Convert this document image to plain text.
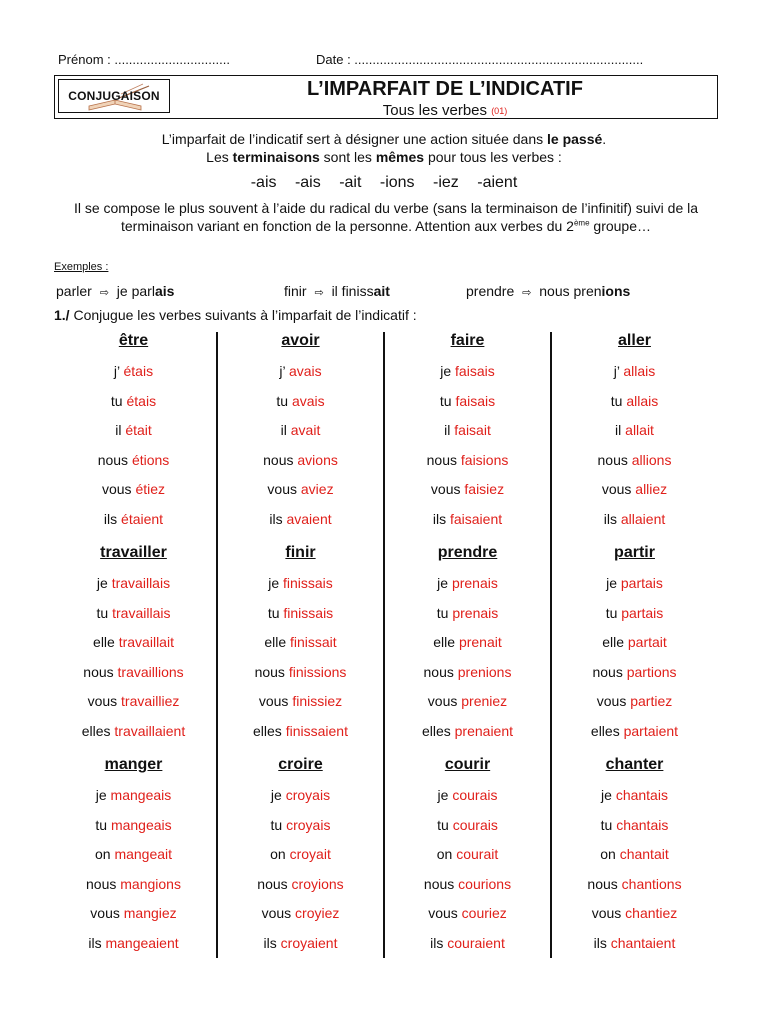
Prénom : ................................	Date : ................................................................................
CONJUGAISON	L’IMPARFAIT DE L’INDICATIF
Tous les verbes (01)
L’imparfait de l’indicatif sert à désigner une action située dans le passé.
Les terminaisons sont les mêmes pour tous les verbes :
-ais -ais -ait -ions -iez -aient
Il se compose le plus souvent à l’aide du radical du verbe (sans la terminaison de l’infinitif) suivi de la terminaison variant en fonction de la personne. Attention aux verbes du 2ème groupe…
Exemples :
parler ⇨ je parlais	finir ⇨ il finissait	prendre ⇨ nous prenions
1./ Conjugue les verbes suivants à l’imparfait de l’indicatif :
être
j’ étais
tu étais
il était
nous étions
vous étiez
ils étaient
avoir
j’ avais
tu avais
il avait
nous avions
vous aviez
ils avaient
faire
je faisais
tu faisais
il faisait
nous faisions
vous faisiez
ils faisaient
aller
j’ allais
tu allais
il allait
nous allions
vous alliez
ils allaient
travailler
je travaillais
tu travaillais
elle travaillait
nous travaillions
vous travailliez
elles travaillaient
finir
je finissais
tu finissais
elle finissait
nous finissions
vous finissiez
elles finissaient
prendre
je prenais
tu prenais
elle prenait
nous prenions
vous preniez
elles prenaient
partir
je partais
tu partais
elle partait
nous partions
vous partiez
elles partaient
manger
je mangeais
tu mangeais
on mangeait
nous mangions
vous mangiez
ils mangeaient
croire
je croyais
tu croyais
on croyait
nous croyions
vous croyiez
ils croyaient
courir
je courais
tu courais
on courait
nous courions
vous couriez
ils couraient
chanter
je chantais
tu chantais
on chantait
nous chantions
vous chantiez
ils chantaient
